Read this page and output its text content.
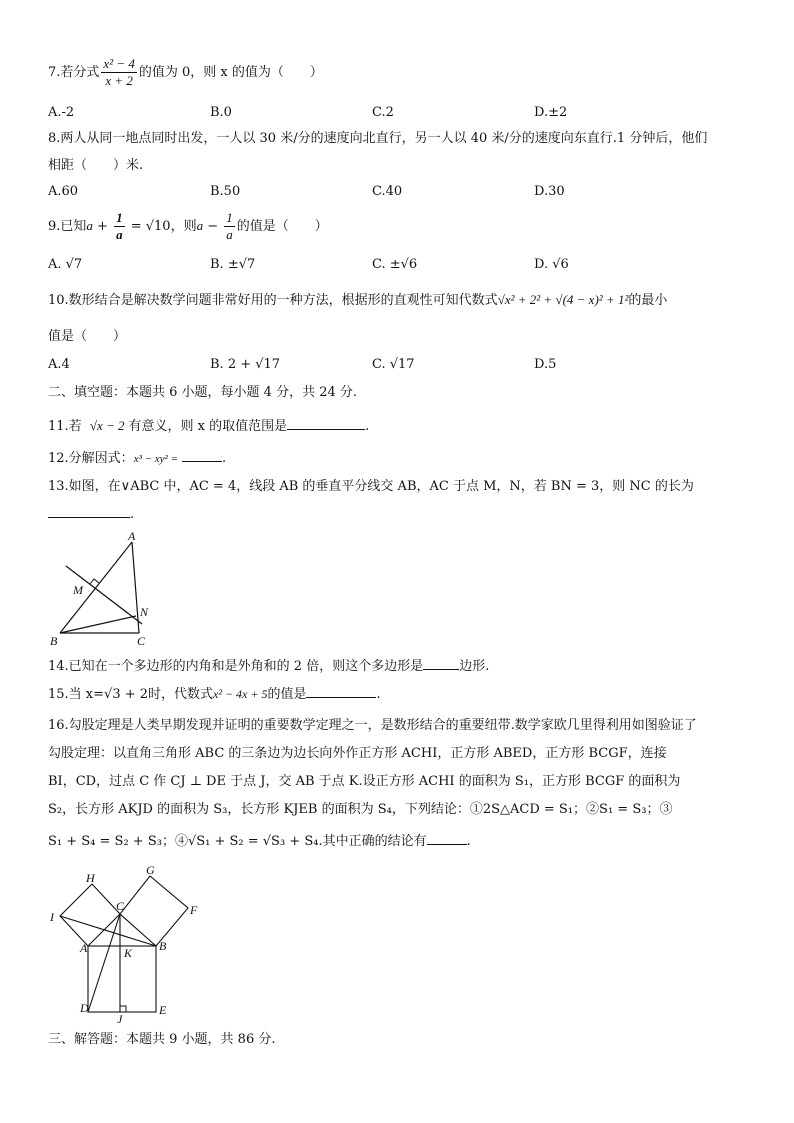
7.若分式 $\frac{\text{x² − 4}}{x + 2}$ 的值为 0，则 x 的值为（　　）
A.-2	B.0	C.2	D.±2
8.两人从同一地点同时出发，一人以 30 米/分的速度向北直行，另一人以 40 米/分的速度向东直行.1 分钟后，他们
相距（　　）米.
A.60	B.50	C.40	D.30
9.已知$a + \frac{1}{a} = √10$，则$a - \frac{1}{a}$ 的值是（　　）
A. √7	B. ±√7	C. ±√6	D. √6
10.数形结合是解决数学问题非常好用的一种方法，根据形的直观性可知代数式√x² + 2² + √(4 − x)² + 1²的最小
值是（　　）
A.4	B. 2 + √17	C. √17	D.5
二、填空题：本题共 6 小题，每小题 4 分，共 24 分.
11.若 √x − 2 有意义，则 x 的取值范围是	.
12.分解因式：x³ − xy² =	.
13.如图，在∨ABC 中，AC = 4，线段 AB 的垂直平分线交 AB，AC 于点 M，N，若 BN = 3，则 NC 的长为
.
A
M
N
B	C
14.已知在一个多边形的内角和是外角和的 2 倍，则这个多边形是	边形.
15.当 x=√3 + 2时，代数式x² − 4x + 5的值是	.
16.勾股定理是人类早期发现并证明的重要数学定理之一，是数形结合的重要纽带.数学家欧几里得利用如图验证了
勾股定理：以直角三角形 ABC 的三条边为边长向外作正方形 ACHI，正方形 ABED，正方形 BCGF，连接
BI，CD，过点 C 作 CJ ⊥ DE 于点 J，交 AB 于点 K.设正方形 ACHI 的面积为 S₁，正方形 BCGF 的面积为
S₂，长方形 AKJD 的面积为 S₃，长方形 KJEB 的面积为 S₄，下列结论：①2S△ACD = S₁；②S₁ = S₃；③
S₁ + S₄ = S₂ + S₃；④√S₁ + S₂ = √S₃ + S₄.其中正确的结论有	.
H
G
I
C	F
A	K B
D
J
E
三、解答题：本题共 9 小题，共 86 分.
